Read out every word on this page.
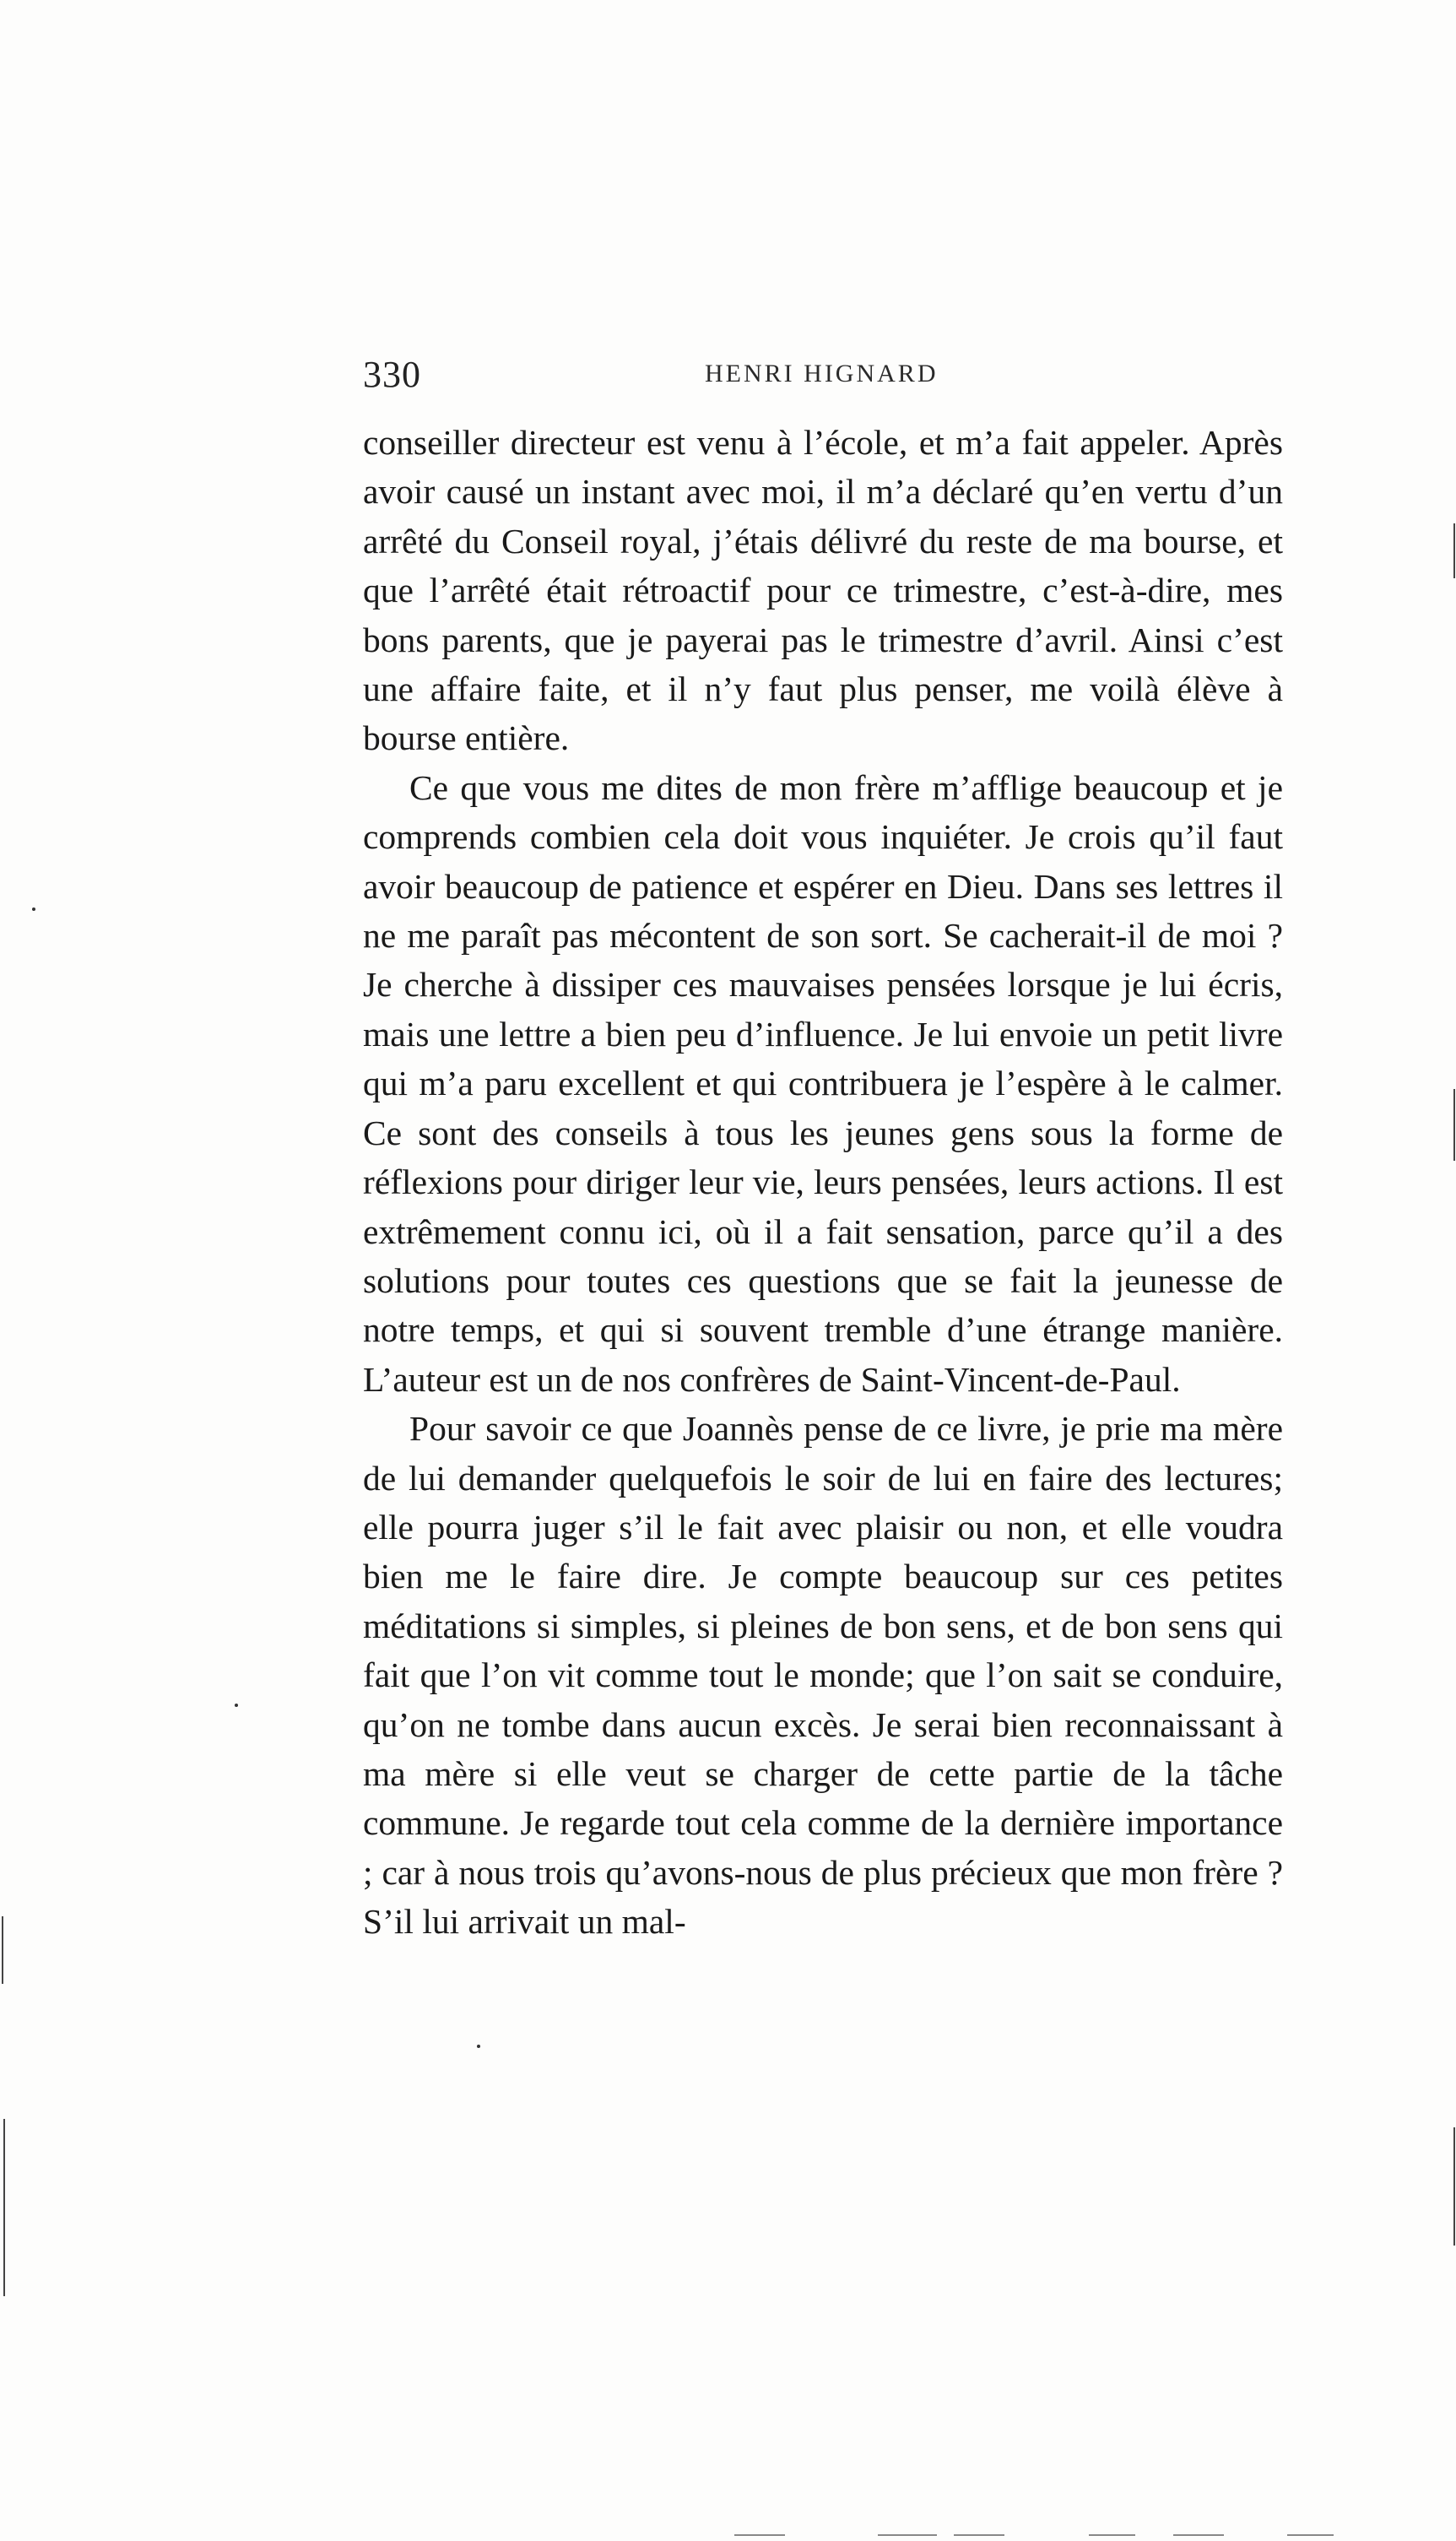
330	HENRI HIGNARD

conseiller directeur est venu à l’école, et m’a fait appeler. Après avoir causé un instant avec moi, il m’a déclaré qu’en vertu d’un arrêté du Conseil royal, j’étais délivré du reste de ma bourse, et que l’arrêté était rétroactif pour ce trimestre, c’est-à-dire, mes bons parents, que je payerai pas le trimestre d’avril. Ainsi c’est une affaire faite, et il n’y faut plus penser, me voilà élève à bourse entière.

Ce que vous me dites de mon frère m’afflige beaucoup et je comprends combien cela doit vous inquiéter. Je crois qu’il faut avoir beaucoup de patience et espérer en Dieu. Dans ses lettres il ne me paraît pas mécontent de son sort. Se cacherait-il de moi ? Je cherche à dissiper ces mauvaises pensées lorsque je lui écris, mais une lettre a bien peu d’influence. Je lui envoie un petit livre qui m’a paru excellent et qui contribuera je l’espère à le calmer. Ce sont des conseils à tous les jeunes gens sous la forme de réflexions pour diriger leur vie, leurs pensées, leurs actions. Il est extrêmement connu ici, où il a fait sensation, parce qu’il a des solutions pour toutes ces questions que se fait la jeunesse de notre temps, et qui si souvent tremble d’une étrange manière. L’auteur est un de nos confrères de Saint-Vincent-de-Paul.

Pour savoir ce que Joannès pense de ce livre, je prie ma mère de lui demander quelquefois le soir de lui en faire des lectures; elle pourra juger s’il le fait avec plaisir ou non, et elle voudra bien me le faire dire. Je compte beaucoup sur ces petites méditations si simples, si pleines de bon sens, et de bon sens qui fait que l’on vit comme tout le monde; que l’on sait se conduire, qu’on ne tombe dans aucun excès. Je serai bien reconnaissant à ma mère si elle veut se charger de cette partie de la tâche commune. Je regarde tout cela comme de la dernière importance ; car à nous trois qu’avons-nous de plus précieux que mon frère ? S’il lui arrivait un mal-
